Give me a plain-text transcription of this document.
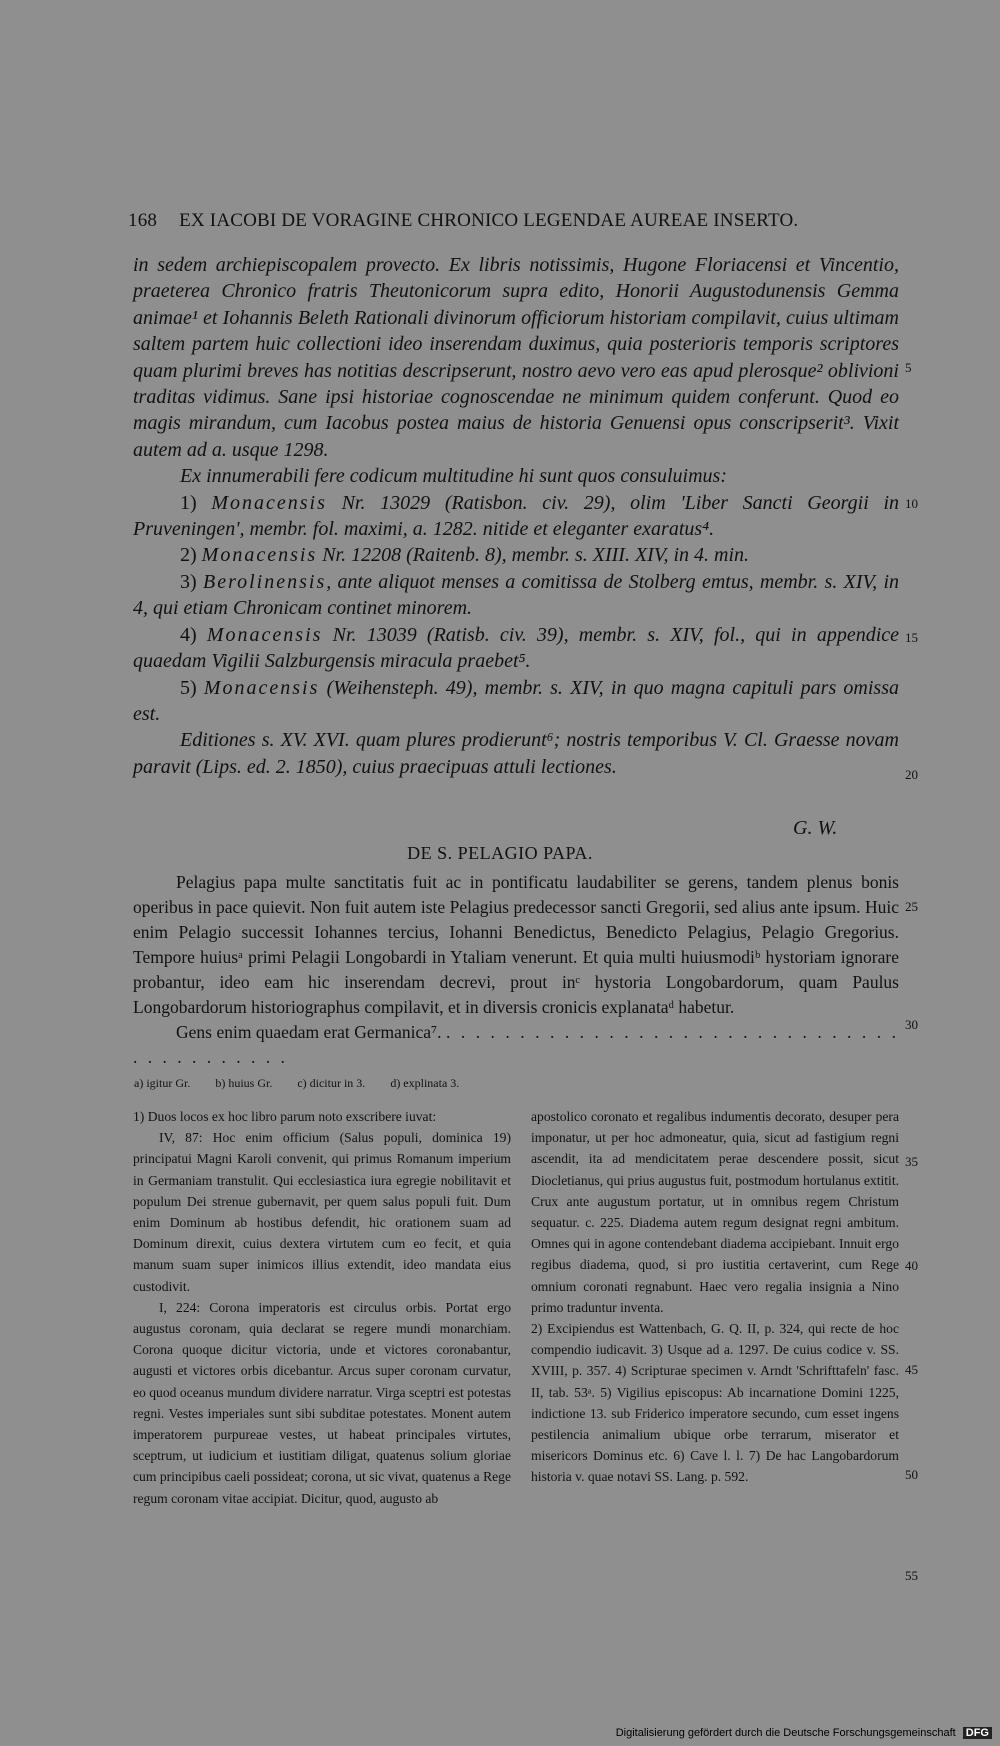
168 EX IACOBI DE VORAGINE CHRONICO LEGENDAE AUREAE INSERTO.

in sedem archiepiscopalem provecto. Ex libris notissimis, Hugone Floriacensi et Vincentio, praeterea Chronico fratris Theutonicorum supra edito, Honorii Augustodunensis Gemma animae¹ et Iohannis Beleth Rationali divinorum officiorum historiam compilavit, cuius ultimam saltem partem huic collectioni ideo inserendam duximus, quia posterioris temporis scriptores quam plurimi breves has notitias descripserunt, nostro aevo vero eas apud plerosque² oblivioni traditas vidimus. Sane ipsi historiae cognoscendae ne minimum quidem conferunt. Quod eo magis mirandum, cum Iacobus postea maius de historia Genuensi opus conscripserit³. Vixit autem ad a. usque 1298.

Ex innumerabili fere codicum multitudine hi sunt quos consuluimus:

1) Monacensis Nr. 13029 (Ratisbon. civ. 29), olim 'Liber Sancti Georgii in Pruveningen', membr. fol. maximi, a. 1282. nitide et eleganter exaratus⁴.

2) Monacensis Nr. 12208 (Raitenb. 8), membr. s. XIII. XIV, in 4. min.

3) Berolinensis, ante aliquot menses a comitissa de Stolberg emtus, membr. s. XIV, in 4, qui etiam Chronicam continet minorem.

4) Monacensis Nr. 13039 (Ratisb. civ. 39), membr. s. XIV, fol., qui in appendice quaedam Vigilii Salzburgensis miracula praebet⁵.

5) Monacensis (Weihensteph. 49), membr. s. XIV, in quo magna capituli pars omissa est.

Editiones s. XV. XVI. quam plures prodierunt⁶; nostris temporibus V. Cl. Graesse novam paravit (Lips. ed. 2. 1850), cuius praecipuas attuli lectiones.

G. W.
DE S. PELAGIO PAPA.

Pelagius papa multe sanctitatis fuit ac in pontificatu laudabiliter se gerens, tandem plenus bonis operibus in pace quievit. Non fuit autem iste Pelagius predecessor sancti Gregorii, sed alius ante ipsum. Huic enim Pelagio successit Iohannes tercius, Iohanni Benedictus, Benedicto Pelagius, Pelagio Gregorius. Tempore huiusᵃ primi Pelagii Longobardi in Ytaliam venerunt. Et quia multi huiusmodiᵇ hystoriam ignorare probantur, ideo eam hic inserendam decrevi, prout inᶜ hystoria Longobardorum, quam Paulus Longobardorum historiographus compilavit, et in diversis cronicis explanataᵈ habetur.

Gens enim quaedam erat Germanica⁷. . . . . . . . . . . . . . . . . . . . . . . . . . . . . . . . . . . . . . . . . . .

a) igitur Gr. b) huius Gr. c) dicitur in 3. d) explinata 3.

1) Duos locos ex hoc libro parum noto exscribere iuvat:

IV, 87: Hoc enim officium (Salus populi, dominica 19) principatui Magni Karoli convenit, qui primus Romanum imperium in Germaniam transtulit. Qui ecclesiastica iura egregie nobilitavit et populum Dei strenue gubernavit, per quem salus populi fuit. Dum enim Dominum ab hostibus defendit, hic orationem suam ad Dominum direxit, cuius dextera virtutem cum eo fecit, et quia manum suam super inimicos illius extendit, ideo mandata eius custodivit.

I, 224: Corona imperatoris est circulus orbis. Portat ergo augustus coronam, quia declarat se regere mundi monarchiam. Corona quoque dicitur victoria, unde et victores coronabantur, augusti et victores orbis dicebantur. Arcus super coronam curvatur, eo quod oceanus mundum dividere narratur. Virga sceptri est potestas regni. Vestes imperiales sunt sibi subditae potestates. Monent autem imperatorem purpureae vestes, ut habeat principales virtutes, sceptrum, ut iudicium et iustitiam diligat, quatenus solium gloriae cum principibus caeli possideat; corona, ut sic vivat, quatenus a Rege regum coronam vitae accipiat. Dicitur, quod, augusto ab

apostolico coronato et regalibus indumentis decorato, desuper pera imponatur, ut per hoc admoneatur, quia, sicut ad fastigium regni ascendit, ita ad mendicitatem perae descendere possit, sicut Diocletianus, qui prius augustus fuit, postmodum hortulanus extitit. Crux ante augustum portatur, ut in omnibus regem Christum sequatur. c. 225. Diadema autem regum designat regni ambitum. Omnes qui in agone contendebant diadema accipiebant. Innuit ergo regibus diadema, quod, si pro iustitia certaverint, cum Rege omnium coronati regnabunt. Haec vero regalia insignia a Nino primo traduntur inventa.

2) Excipiendus est Wattenbach, G. Q. II, p. 324, qui recte de hoc compendio iudicavit. 3) Usque ad a. 1297. De cuius codice v. SS. XVIII, p. 357. 4) Scripturae specimen v. Arndt 'Schrifttafeln' fasc. II, tab. 53ᵃ. 5) Vigilius episcopus: Ab incarnatione Domini 1225, indictione 13. sub Friderico imperatore secundo, cum esset ingens pestilencia animalium ubique orbe terrarum, miserator et misericors Dominus etc. 6) Cave l. l. 7) De hac Langobardorum historia v. quae notavi SS. Lang. p. 592.

5
10
15
20
25
30
35
40
45
50
55
Digitalisierung gefördert durch die Deutsche Forschungsgemeinschaft DFG
